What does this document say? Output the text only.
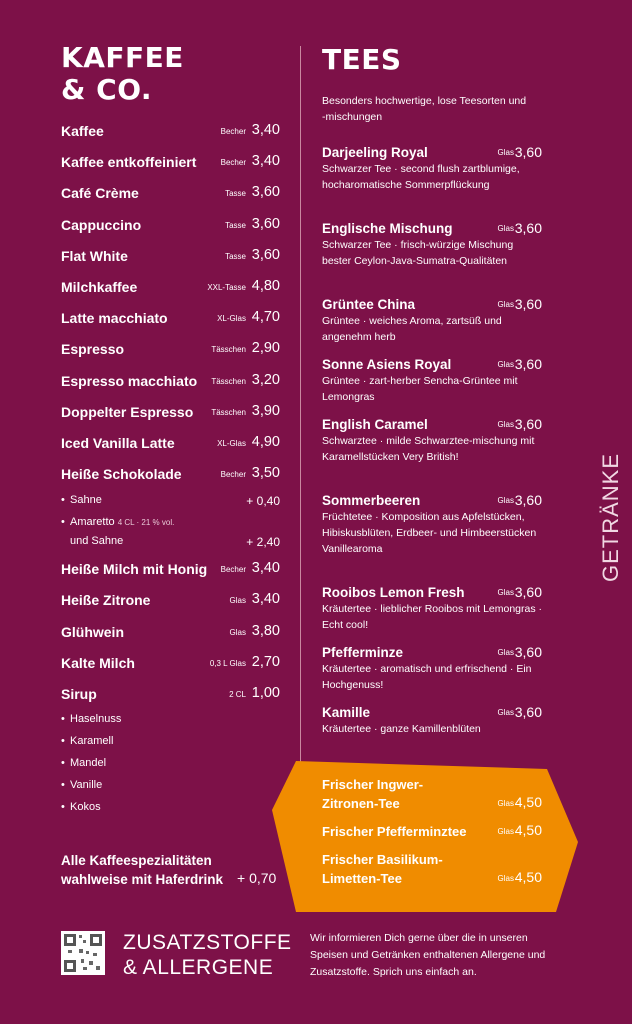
KAFFEE
& CO.
Kaffee	Becher 3,40
Kaffee entkoffeiniert	Becher 3,40
Café Crème	Tasse 3,60
Cappuccino	Tasse 3,60
Flat White	Tasse 3,60
Milchkaffee	XXL-Tasse 4,80
Latte macchiato	XL-Glas 4,70
Espresso	Tässchen 2,90
Espresso macchiato Tässchen 3,20
Doppelter Espresso Tässchen 3,90
Iced Vanilla Latte	XL-Glas 4,90
Heiße Schokolade	Becher 3,50
• Sahne	+ 0,40
• Amaretto 4 CL · 21 % vol.
und Sahne	+ 2,40
Heiße Milch mit Honig Becher 3,40
Heiße Zitrone	Glas 3,40
Glühwein	Glas 3,80
Kalte Milch	0,3 L Glas 2,70
Sirup	2 CL 1,00
• Haselnuss
• Karamell
• Mandel
• Vanille
• Kokos
Alle Kaffeespezialitäten
wahlweise mit Haferdrink + 0,70
TEES
Besonders hochwertige, lose Teesorten und -mischungen
Darjeeling Royal	Glas 3,60
Schwarzer Tee · second flush zartblumige, hocharomatische Sommerpflückung
Englische Mischung	Glas 3,60
Schwarzer Tee · frisch-würzige Mischung bester Ceylon-Java-Sumatra-Qualitäten
Grüntee China	Glas 3,60
Grüntee · weiches Aroma, zartsüß und angenehm herb
Sonne Asiens Royal	Glas 3,60
Grüntee · zart-herber Sencha-Grüntee mit Lemongras
English Caramel	Glas 3,60
Schwarztee · milde Schwarztee-mischung mit Karamellstücken Very British!
Sommerbeeren	Glas 3,60
Früchtetee · Komposition aus Apfelstücken, Hibiskusblüten, Erdbeer- und Himbeerstücken Vanillearoma
Rooibos Lemon Fresh	Glas 3,60
Kräutertee · lieblicher Rooibos mit Lemongras · Echt cool!
Pfefferminze	Glas 3,60
Kräutertee · aromatisch und erfrischend · Ein Hochgenuss!
Kamille	Glas 3,60
Kräutertee · ganze Kamillenblüten
Frischer Ingwer-
Zitronen-Tee	Glas 4,50
Frischer Pfefferminztee	Glas 4,50
Frischer Basilikum-
Limetten-Tee	Glas 4,50
GETRÄNKE
ZUSATZSTOFFE
& ALLERGENE
Wir informieren Dich gerne über die in unseren Speisen und Getränken enthaltenen Allergene und Zusatzstoffe. Sprich uns einfach an.
